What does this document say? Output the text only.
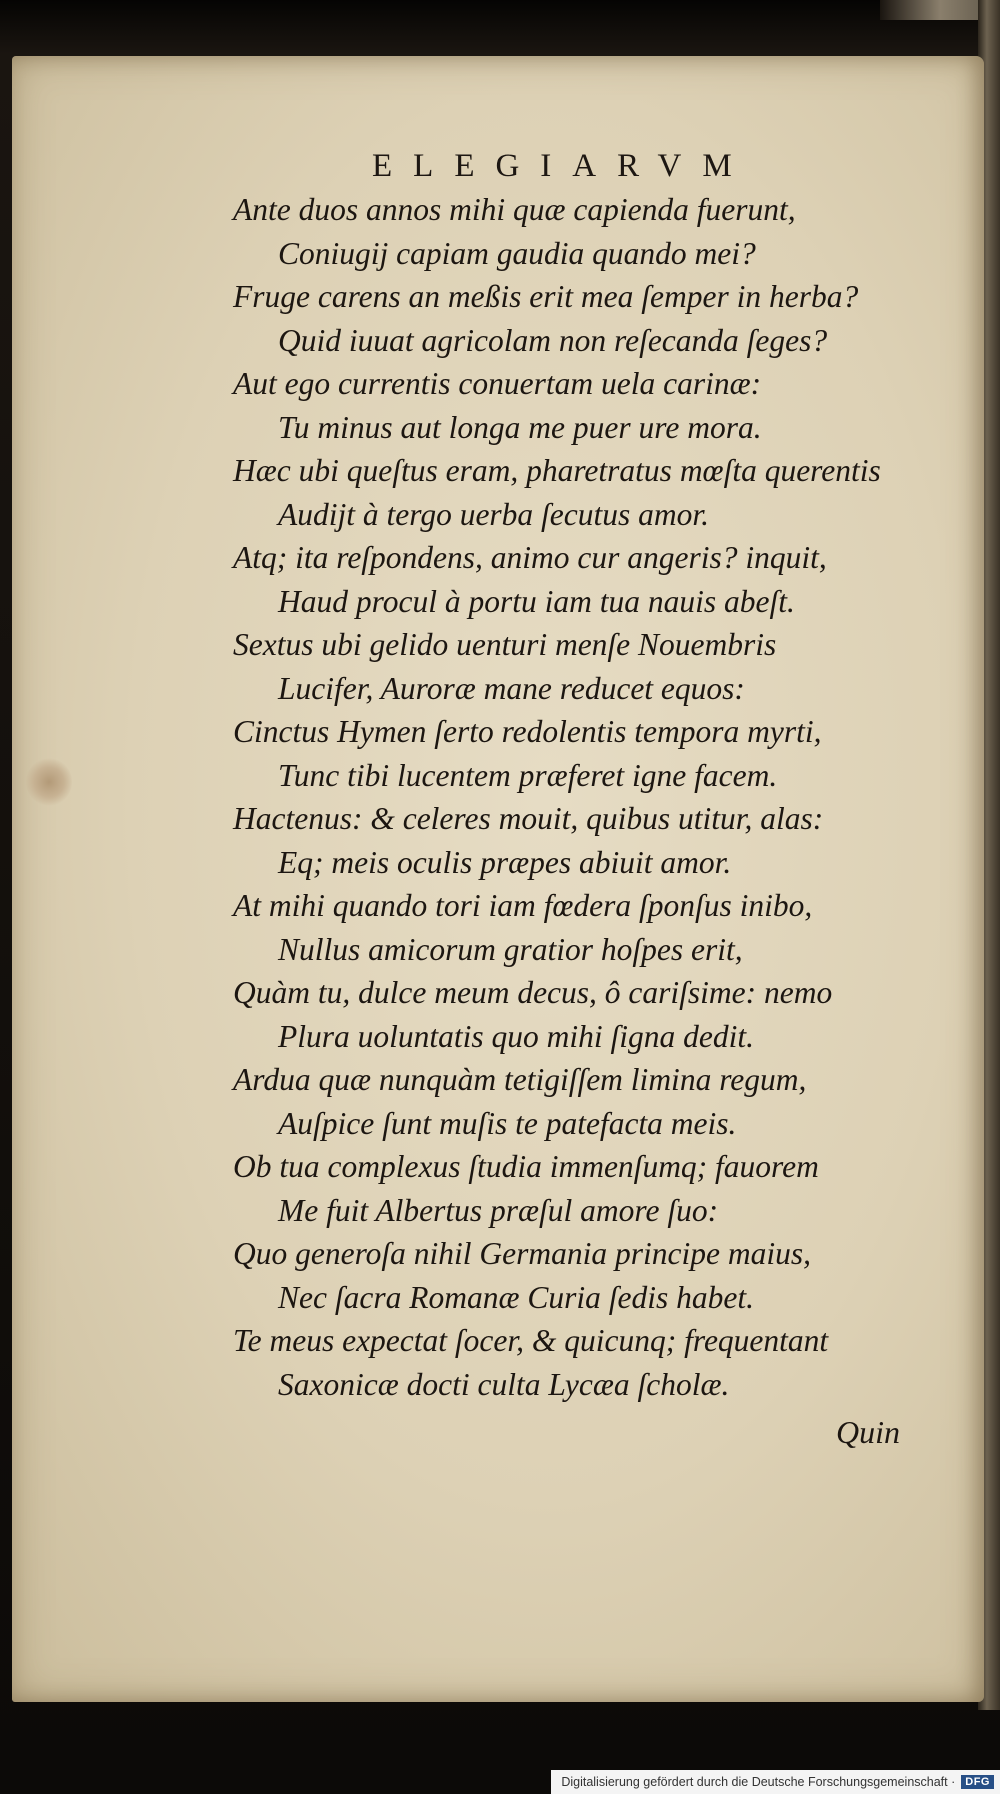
ELEGIARVM
Ante duos annos mihi quæ capienda fuerunt,
Coniugij capiam gaudia quando mei?
Fruge carens an meßis erit mea ſemper in herba?
Quid iuuat agricolam non reſecanda ſeges?
Aut ego currentis conuertam uela carinæ:
Tu minus aut longa me puer ure mora.
Hæc ubi queſtus eram, pharetratus mœſta querentis
Audijt à tergo uerba ſecutus amor.
Atq; ita reſpondens, animo cur angeris? inquit,
Haud procul à portu iam tua nauis abeſt.
Sextus ubi gelido uenturi menſe Nouembris
Lucifer, Auroræ mane reducet equos:
Cinctus Hymen ſerto redolentis tempora myrti,
Tunc tibi lucentem præferet igne facem.
Hactenus: & celeres mouit, quibus utitur, alas:
Eq; meis oculis præpes abiuit amor.
At mihi quando tori iam fœdera ſponſus inibo,
Nullus amicorum gratior hoſpes erit,
Quàm tu, dulce meum decus, ô cariſsime: nemo
Plura uoluntatis quo mihi ſigna dedit.
Ardua quæ nunquàm tetigiſſem limina regum,
Auſpice ſunt muſis te patefacta meis.
Ob tua complexus ſtudia immenſumq; fauorem
Me fuit Albertus præſul amore ſuo:
Quo generoſa nihil Germania principe maius,
Nec ſacra Romanæ Curia ſedis habet.
Te meus expectat ſocer, & quicunq; frequentant
Saxonicæ docti culta Lycæa ſcholæ.
Quin
Digitalisierung gefördert durch die Deutsche Forschungsgemeinschaft · DFG
